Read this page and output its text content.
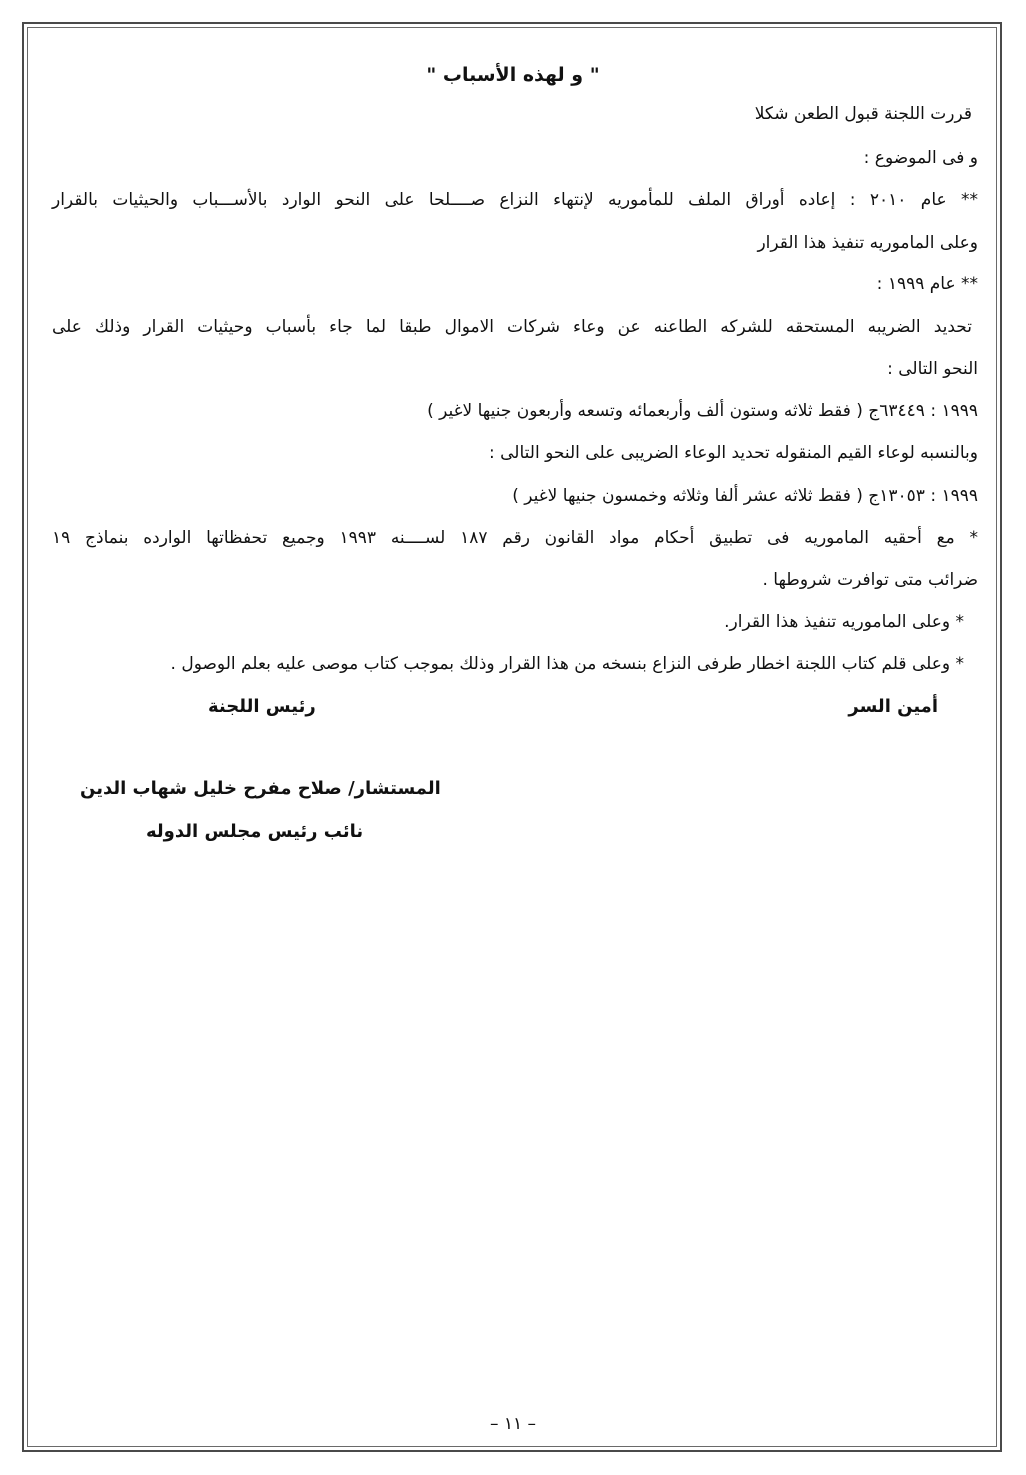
" و لهذه الأسباب "
قررت اللجنة قبول الطعن شكلا
و فى الموضوع :
** عام ٢٠١٠ : إعاده أوراق الملف للمأموريه لإنتهاء النزاع صــــلحا على النحو الوارد بالأســـباب والحيثيات بالقرار
وعلى الماموريه تنفيذ هذا القرار
** عام ١٩٩٩ :
تحديد الضريبه المستحقه للشركه الطاعنه عن وعاء شركات الاموال طبقا لما جاء بأسباب وحيثيات القرار وذلك على
النحو التالى :
١٩٩٩ : ٦٣٤٤٩ج ( فقط ثلاثه وستون ألف وأربعمائه وتسعه وأربعون جنيها لاغير )
وبالنسبه لوعاء القيم المنقوله تحديد الوعاء الضريبى على النحو التالى :
١٩٩٩ : ١٣٠٥٣ج ( فقط ثلاثه عشر ألفا وثلاثه وخمسون جنيها لاغير )
* مع أحقيه الماموريه فى تطبيق أحكام مواد القانون رقم ١٨٧ لســــنه ١٩٩٣ وجميع تحفظاتها الوارده بنماذج ١٩
ضرائب متى توافرت شروطها .
* وعلى الماموريه تنفيذ هذا القرار.
* وعلى قلم كتاب اللجنة اخطار طرفى النزاع بنسخه من هذا القرار وذلك بموجب كتاب موصى عليه بعلم الوصول .
أمين السر
رئيس اللجنة
المستشار/ صلاح مفرح خليل شهاب الدين
نائب رئيس مجلس الدوله
– ١١ –
